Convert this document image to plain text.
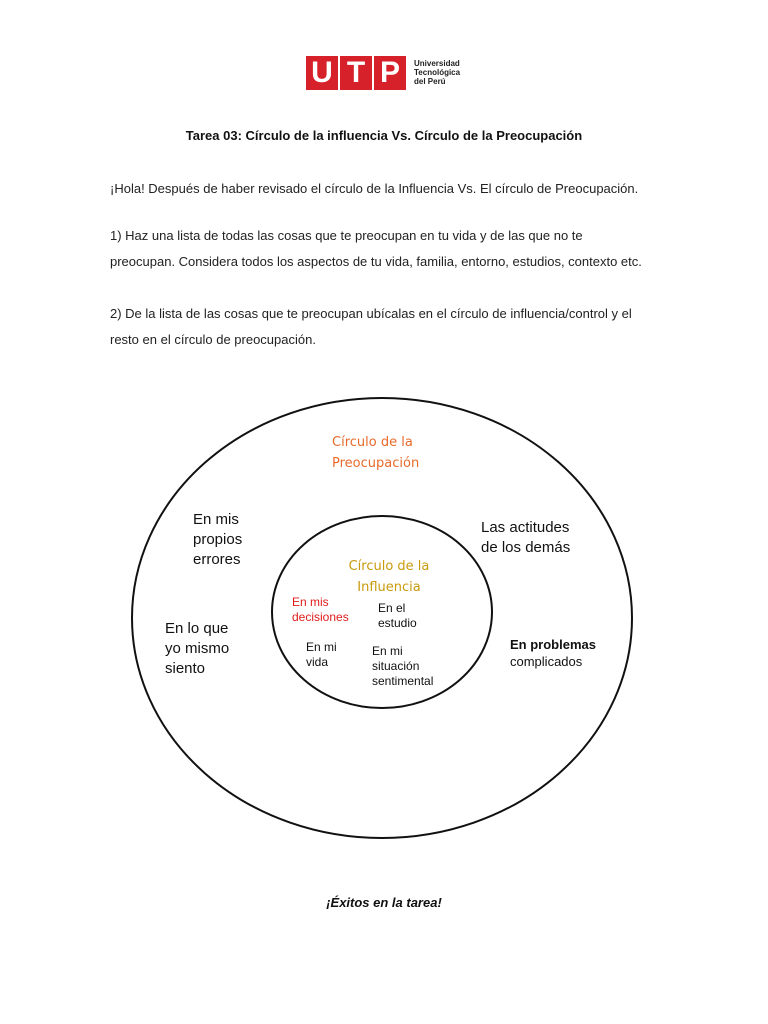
U T P	Universidad
Tecnológica
del Perú
Tarea 03: Círculo de la influencia Vs. Círculo de la Preocupación
¡Hola! Después de haber revisado el círculo de la Influencia Vs. El círculo de Preocupación.
1) Haz una lista de todas las cosas que te preocupan en tu vida y de las que no te preocupan. Considera todos los aspectos de tu vida, familia, entorno, estudios, contexto etc.
2) De la lista de las cosas que te preocupan ubícalas en el círculo de influencia/control y el resto en el círculo de preocupación.
Círculo de la
Preocupación
Círculo de la
Influencia
En mis
propios
errores
En lo que
yo mismo
siento
Las actitudes
de los demás
En problemas
complicados
En mis
decisiones
En el
estudio
En mi
vida
En mi
situación
sentimental
¡Éxitos en la tarea!
